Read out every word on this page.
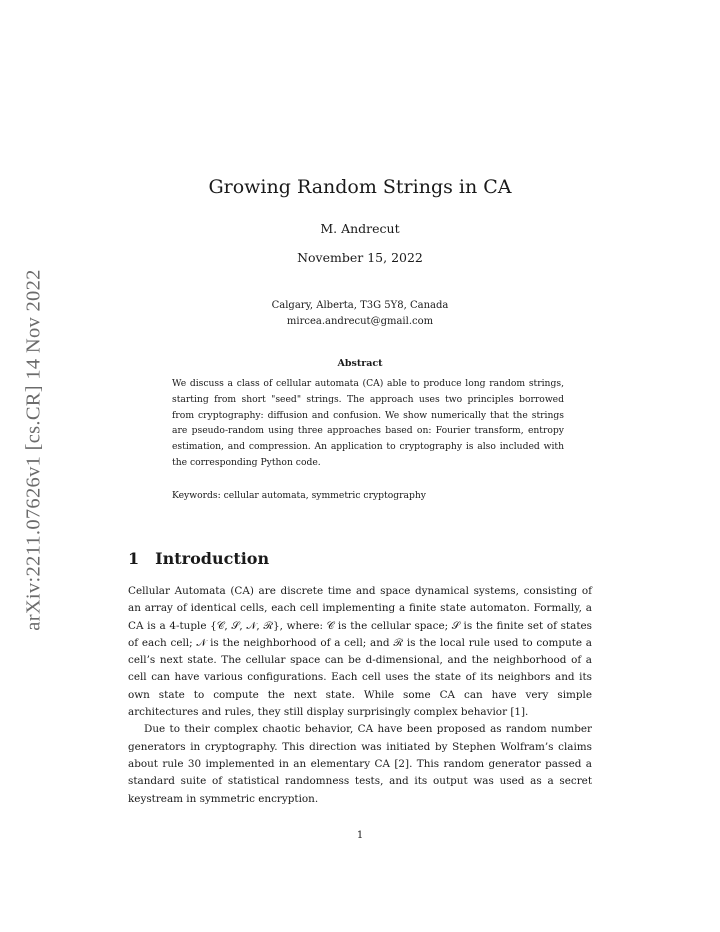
arXiv:2211.07626v1 [cs.CR] 14 Nov 2022
Growing Random Strings in CA
M. Andrecut
November 15, 2022
Calgary, Alberta, T3G 5Y8, Canada
mircea.andrecut@gmail.com
Abstract
We discuss a class of cellular automata (CA) able to produce long random strings, starting from short "seed" strings. The approach uses two principles borrowed from cryptography: diffusion and confusion. We show numerically that the strings are pseudo-random using three approaches based on: Fourier transform, entropy estimation, and compression. An application to cryptography is also included with the corresponding Python code.
Keywords: cellular automata, symmetric cryptography
1 Introduction

Cellular Automata (CA) are discrete time and space dynamical systems, consisting of an array of identical cells, each cell implementing a finite state automaton. Formally, a CA is a 4-tuple {𝒞, 𝒮, 𝒩, ℛ}, where: 𝒞 is the cellular space; 𝒮 is the finite set of states of each cell; 𝒩 is the neighborhood of a cell; and ℛ is the local rule used to compute a cell’s next state. The cellular space can be d-dimensional, and the neighborhood of a cell can have various configurations. Each cell uses the state of its neighbors and its own state to compute the next state. While some CA can have very simple architectures and rules, they still display surprisingly complex behavior [1].

Due to their complex chaotic behavior, CA have been proposed as random number generators in cryptography. This direction was initiated by Stephen Wolfram’s claims about rule 30 implemented in an elementary CA [2]. This random generator passed a standard suite of statistical randomness tests, and its output was used as a secret keystream in symmetric encryption.

1
